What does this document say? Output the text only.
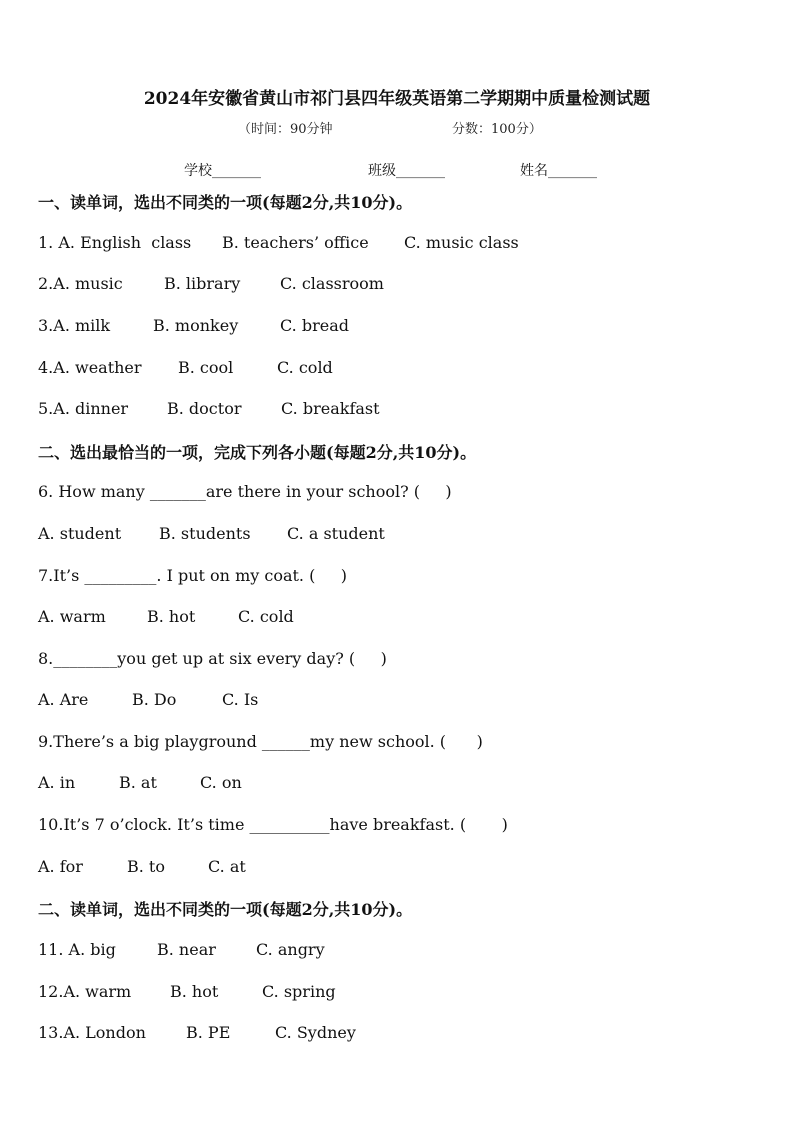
2024年安徽省黄山市祁门县四年级英语第二学期期中质量检测试题
（时间：90分钟	分数：100分）
学校_______	班级_______	姓名_______
一、读单词，选出不同类的一项(每题2分,共10分)。
1. A. English  class B. teachers’ office C. music class
2.A. music	B. library C. classroom
3.A. milk	B. monkey	C. bread
4.A. weather B. cool	C. cold
5.A. dinner B. doctor C. breakfast
二、选出最恰当的一项，完成下列各小题(每题2分,共10分)。
6. How many _______are there in your school? (     )
A. student B. students C. a student
7.It’s _________. I put on my coat. (     )
A. warm	B. hot	C. cold
8.________you get up at six every day? (     )
A. Are	B. Do	C. Is
9.There’s a big playground ______my new school. (      )
A. in	B. at	C. on
10.It’s 7 o’clock. It’s time __________have breakfast. (       )
A. for	B. to	C. at
二、读单词，选出不同类的一项(每题2分,共10分)。
11. A. big	B. near	C. angry
12.A. warm B. hot	C. spring
13.A. London	B. PE	C. Sydney
